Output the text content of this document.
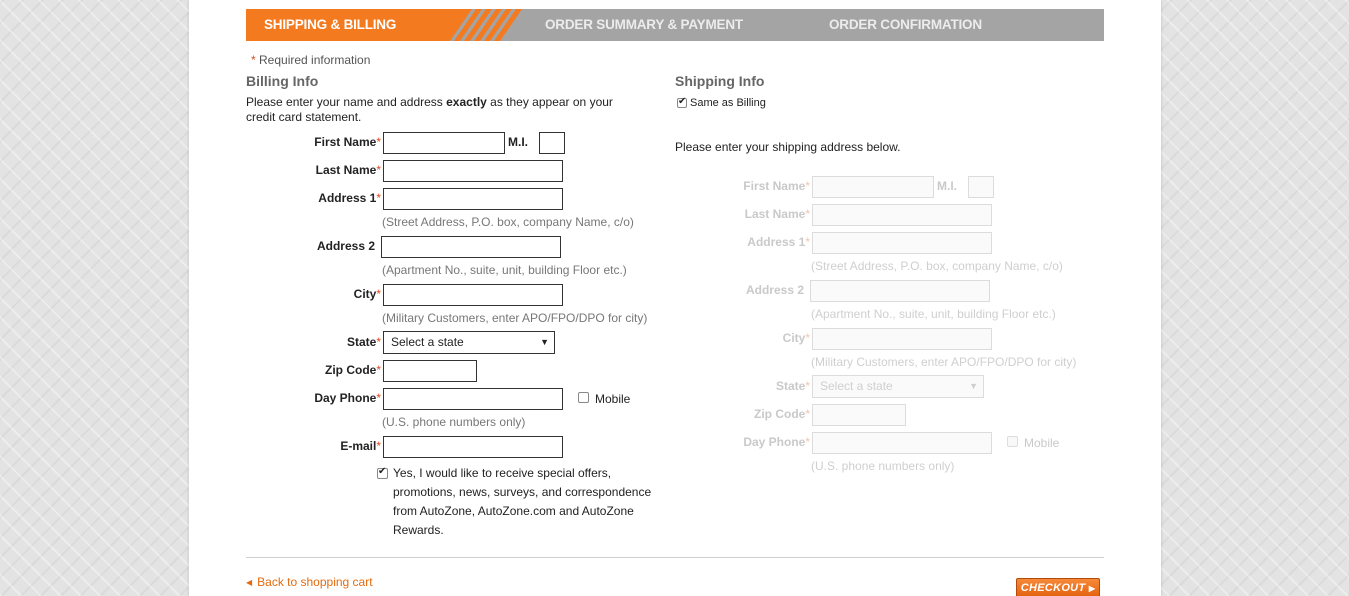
SHIPPING & BILLING	ORDER SUMMARY & PAYMENT	ORDER CONFIRMATION
* Required information
Billing Info
Please enter your name and address exactly as they appear on your credit card statement.
First Name*	M.I.
Last Name*
Address 1*
(Street Address, P.O. box, company Name, c/o)
Address 2
(Apartment No., suite, unit, building Floor etc.)
City*
(Military Customers, enter APO/FPO/DPO for city)
State* Select a state	▼
Zip Code*
Day Phone*	Mobile
(U.S. phone numbers only)
E-mail*
✔
Yes, I would like to receive special offers, promotions, news, surveys, and correspondence from AutoZone, AutoZone.com and AutoZone Rewards.
Shipping Info
✔
Same as Billing
Please enter your shipping address below.
First Name*	M.I.
Last Name*
Address 1*
(Street Address, P.O. box, company Name, c/o)
Address 2
(Apartment No., suite, unit, building Floor etc.)
City*
(Military Customers, enter APO/FPO/DPO for city)
State* Select a state	▼
Zip Code*
Day Phone*	Mobile
(U.S. phone numbers only)
◀ Back to shopping cart	CHECKOUT ▶
